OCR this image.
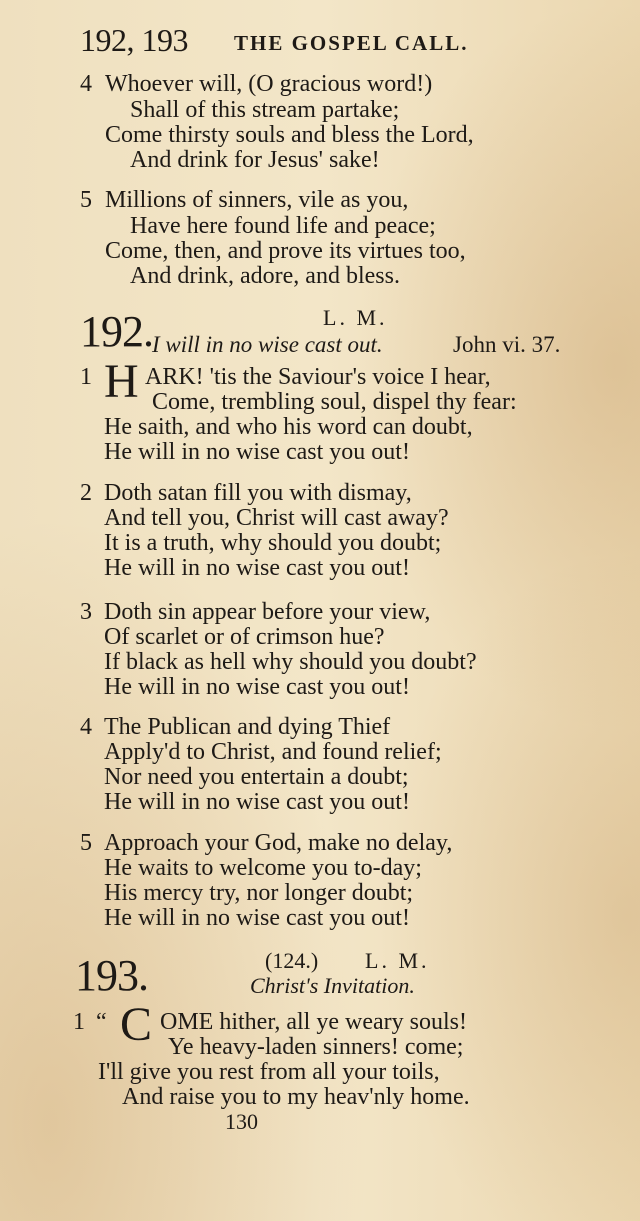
192, 193 THE GOSPEL CALL.
4 Whoever will, (O gracious word!)
Shall of this stream partake;
Come thirsty souls and bless the Lord,
And drink for Jesus' sake!
5 Millions of sinners, vile as you,
Have here found life and peace;
Come, then, and prove its virtues too,
And drink, adore, and bless.
192.	L. M.
I will in no wise cast out.	John vi. 37.
1 H ARK! 'tis the Saviour's voice I hear,
Come, trembling soul, dispel thy fear:
He saith, and who his word can doubt,
He will in no wise cast you out!
2 Doth satan fill you with dismay,
And tell you, Christ will cast away?
It is a truth, why should you doubt;
He will in no wise cast you out!
3 Doth sin appear before your view,
Of scarlet or of crimson hue?
If black as hell why should you doubt?
He will in no wise cast you out!
4 The Publican and dying Thief
Apply'd to Christ, and found relief;
Nor need you entertain a doubt;
He will in no wise cast you out!
5 Approach your God, make no delay,
He waits to welcome you to-day;
His mercy try, nor longer doubt;
He will in no wise cast you out!
193.	(124.) L. M.
Christ's Invitation.
1 “ C OME hither, all ye weary souls!
Ye heavy-laden sinners! come;
I'll give you rest from all your toils,
And raise you to my heav'nly home.
130
